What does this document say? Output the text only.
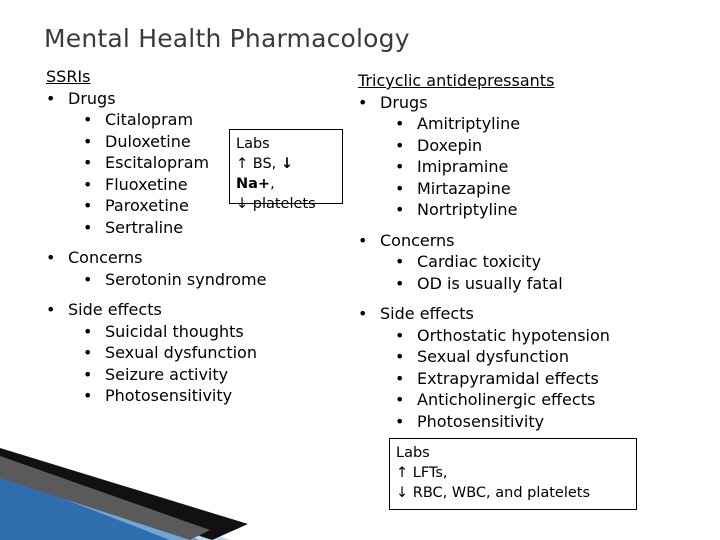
Mental Health Pharmacology

SSRIs

• Drugs
• Citalopram
• Duloxetine
• Escitalopram
• Fluoxetine
• Paroxetine
• Sertraline
• Concerns
• Serotonin syndrome
• Side effects
• Suicidal thoughts
• Sexual dysfunction
• Seizure activity
• Photosensitivity
Labs
↑ BS, ↓ Na+,
↓ platelets

Tricyclic antidepressants

• Drugs
• Amitriptyline
• Doxepin
• Imipramine
• Mirtazapine
• Nortriptyline
• Concerns
• Cardiac toxicity
• OD is usually fatal
• Side effects
• Orthostatic hypotension
• Sexual dysfunction
• Extrapyramidal effects
• Anticholinergic effects
• Photosensitivity
Labs
↑ LFTs,
↓ RBC, WBC, and platelets
